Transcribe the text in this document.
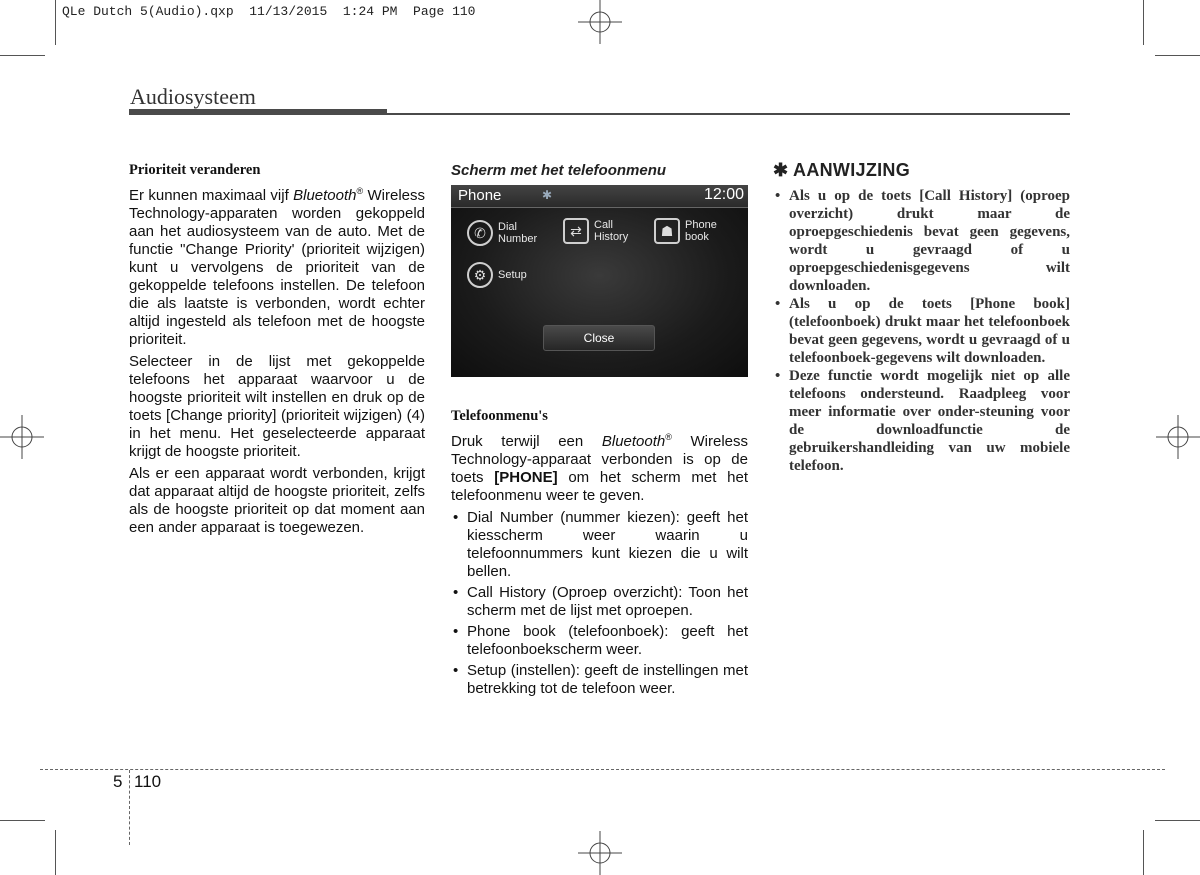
QLe Dutch 5(Audio).qxp  11/13/2015  1:24 PM  Page 110
Audiosysteem
Prioriteit veranderen

Er kunnen maximaal vijf Bluetooth® Wireless Technology-apparaten worden gekoppeld aan het audiosysteem van de auto. Met de functie "Change Priority' (prioriteit wijzigen) kunt u vervolgens de prioriteit van de gekoppelde telefoons instellen. De telefoon die als laatste is verbonden, wordt echter altijd ingesteld als telefoon met de hoogste prioriteit.

Selecteer in de lijst met gekoppelde telefoons het apparaat waarvoor u de hoogste prioriteit wilt instellen en druk op de toets [Change priority] (prioriteit wijzigen) (4) in het menu. Het geselecteerde apparaat krijgt de hoogste prioriteit.

Als er een apparaat wordt verbonden, krijgt dat apparaat altijd de hoogste prioriteit, zelfs als de hoogste prioriteit op dat moment aan een ander apparaat is toegewezen.

Scherm met het telefoonmenu
Phone	✱	12:00
✆	Dial
Number	⇄	Call
History	☗	Phone
book
⚙	Setup
Close
Telefoonmenu's

Druk terwijl een Bluetooth® Wireless Technology-apparaat verbonden is op de toets [PHONE] om het scherm met het telefoonmenu weer te geven.

• Dial Number (nummer kiezen): geeft het kiesscherm weer waarin u telefoonnummers kunt kiezen die u wilt bellen.
• Call History (Oproep overzicht): Toon het scherm met de lijst met oproepen.
• Phone book (telefoonboek): geeft het telefoonboekscherm weer.
• Setup (instellen): geeft de instellingen met betrekking tot de telefoon weer.
✱ AANWIJZING
• Als u op de toets [Call History] (oproep overzicht) drukt maar de oproepgeschiedenis bevat geen gegevens, wordt u gevraagd of u oproepgeschiedenisgegevens wilt downloaden.
• Als u op de toets [Phone book] (telefoonboek) drukt maar het telefoonboek bevat geen gegevens, wordt u gevraagd of u telefoonboek-gegevens wilt downloaden.
• Deze functie wordt mogelijk niet op alle telefoons ondersteund. Raadpleeg voor meer informatie over onder-steuning voor de downloadfunctie de gebruikershandleiding van uw mobiele telefoon.
5 110
